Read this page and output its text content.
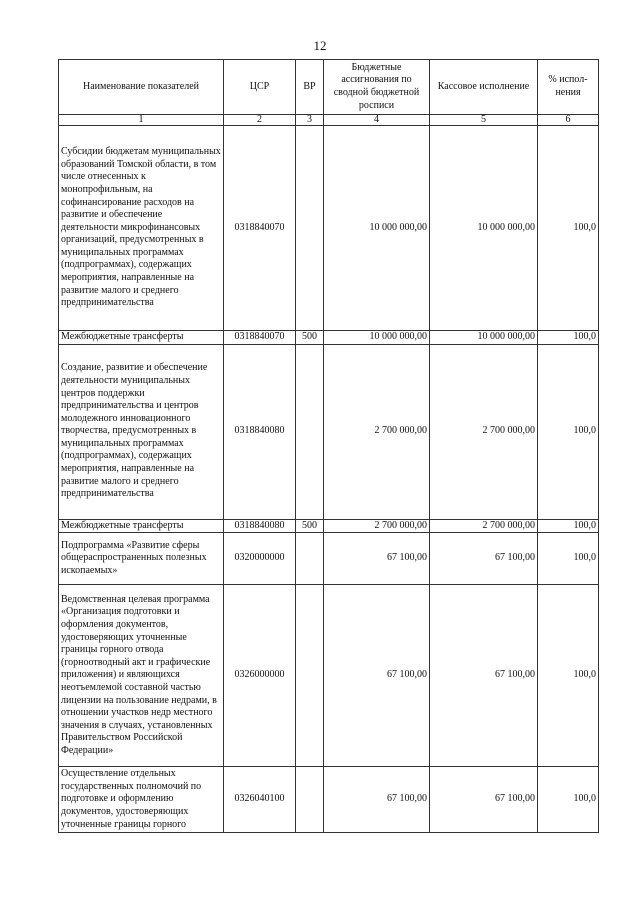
12
Наименование показателей	ЦСР	ВР	Бюджетные ассигнования по сводной бюджетной росписи	Кассовое исполнение	% испол-нения
1	2	3	4	5	6
Субсидии бюджетам муниципальных образований Томской области, в том числе отнесенных к монопрофильным, на софинансирование расходов на развитие и обеспечение деятельности микрофинансовых организаций, предусмотренных в муниципальных программах (подпрограммах), содержащих мероприятия, направленные на развитие малого и среднего предпринимательства	0318840070		10 000 000,00	10 000 000,00	100,0
Межбюджетные трансферты	0318840070	500	10 000 000,00	10 000 000,00	100,0
Создание, развитие и обеспечение деятельности муниципальных центров поддержки предпринимательства и центров молодежного инновационного творчества, предусмотренных в муниципальных программах (подпрограммах), содержащих мероприятия, направленные на развитие малого и среднего предпринимательства	0318840080		2 700 000,00	2 700 000,00	100,0
Межбюджетные трансферты	0318840080	500	2 700 000,00	2 700 000,00	100,0
Подпрограмма «Развитие сферы общераспространенных полезных ископаемых»	0320000000		67 100,00	67 100,00	100,0
Ведомственная целевая программа «Организация подготовки и оформления документов, удостоверяющих уточненные границы горного отвода (горноотводный акт и графические приложения) и являющихся неотъемлемой составной частью лицензии на пользование недрами, в отношении участков недр местного значения в случаях, установленных Правительством Российской Федерации»	0326000000		67 100,00	67 100,00	100,0
Осуществление отдельных государственных полномочий по подготовке и оформлению документов, удостоверяющих уточненные границы горного	0326040100		67 100,00	67 100,00	100,0
